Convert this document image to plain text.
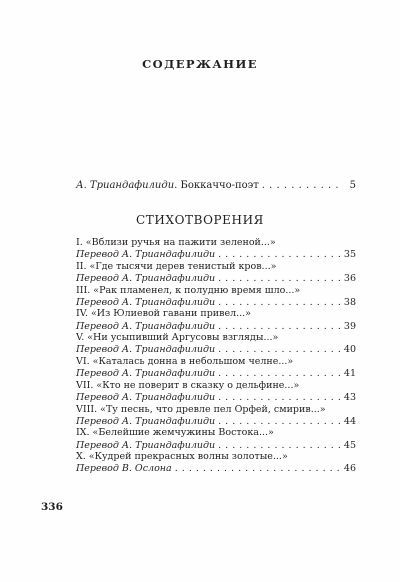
СОДЕРЖАНИЕ
А. Триандафилиди. Боккаччо-поэт . . .	5
СТИХОТВОРЕНИЯ
I. «Вблизи ручья на пажити зеленой...»
Перевод А. Триандафилиди . . .	35
II. «Где тысячи дерев тенистый кров...»
Перевод А. Триандафилиди . . .	36
III. «Рак пламенел, к полудню время шло...»
Перевод А. Триандафилиди . . .	38
IV. «Из Юлиевой гавани привел...»
Перевод А. Триандафилиди . . .	39
V. «Ни усыпивший Аргусовы взгляды...»
Перевод А. Триандафилиди . . .	40
VI. «Каталась донна в небольшом челне...»
Перевод А. Триандафилиди . . .	41
VII. «Кто не поверит в сказку о дельфине...»
Перевод А. Триандафилиди . . .	43
VIII. «Ту песнь, что древле пел Орфей, смирив...»
Перевод А. Триандафилиди . . .	44
IX. «Белейшие жемчужины Востока...»
Перевод А. Триандафилиди . . .	45
X. «Кудрей прекрасных волны золотые...»
Перевод В. Ослона . . .	46
336
